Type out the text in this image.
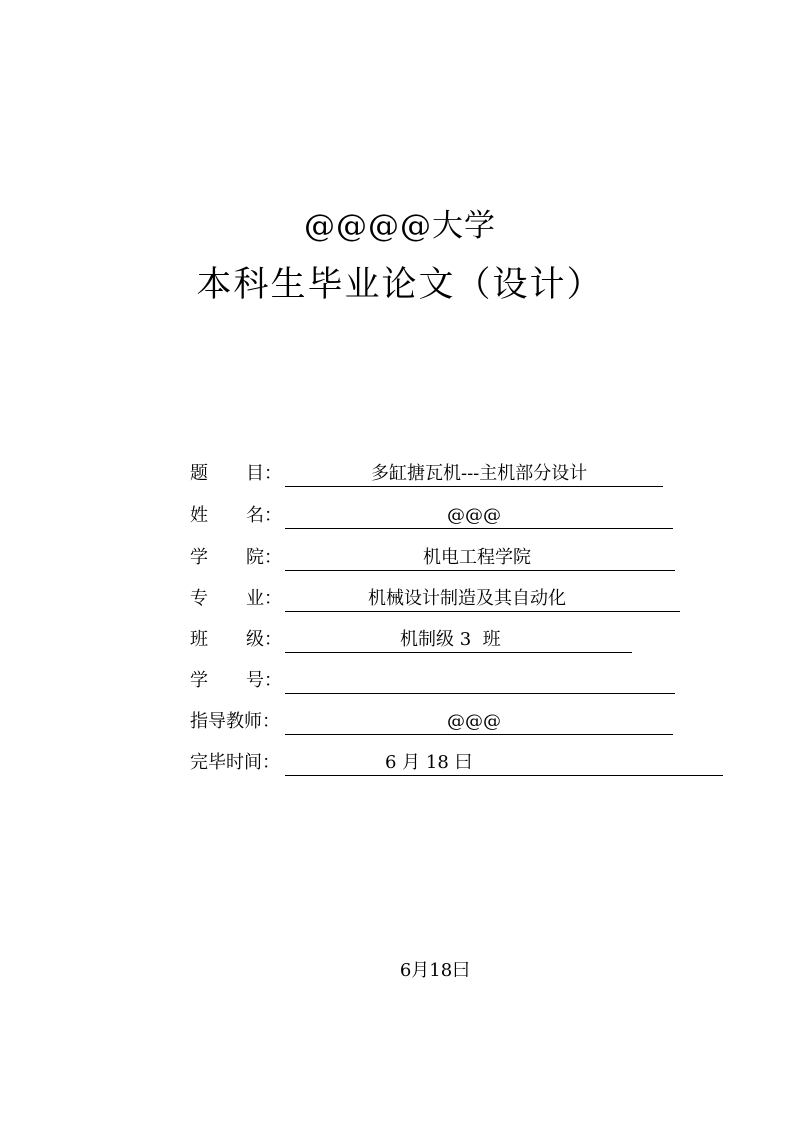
@@@@大学
本科生毕业论文（设计）
题 目：	多缸搪瓦机---主机部分设计
姓 名：	@@@
学 院：	机电工程学院
专 业：	机械设计制造及其自动化
班 级：	机制级 3  班
学 号：
指导教师：	@@@
完毕时间：	6 月 18 曰
6月18曰
